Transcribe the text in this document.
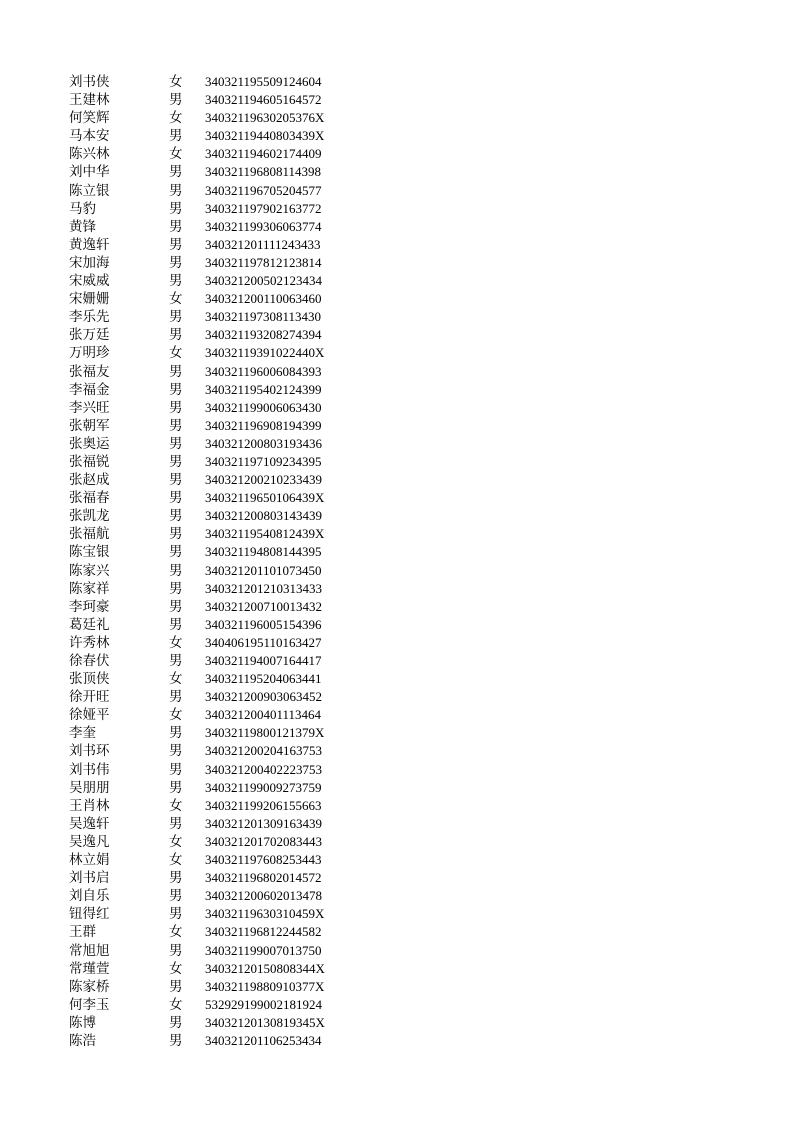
刘书侠	女	340321195509124604
王建林	男	340321194605164572
何笑辉	女	34032119630205376X
马本安	男	34032119440803439X
陈兴林	女	340321194602174409
刘中华	男	340321196808114398
陈立银	男	340321196705204577
马豹	男	340321197902163772
黄锋	男	340321199306063774
黄逸轩	男	340321201111243433
宋加海	男	340321197812123814
宋威威	男	340321200502123434
宋姗姗	女	340321200110063460
李乐先	男	340321197308113430
张万廷	男	340321193208274394
万明珍	女	34032119391022440X
张福友	男	340321196006084393
李福金	男	340321195402124399
李兴旺	男	340321199006063430
张朝军	男	340321196908194399
张奥运	男	340321200803193436
张福锐	男	340321197109234395
张赵成	男	340321200210233439
张福春	男	34032119650106439X
张凯龙	男	340321200803143439
张福航	男	34032119540812439X
陈宝银	男	340321194808144395
陈家兴	男	340321201101073450
陈家祥	男	340321201210313433
李珂豪	男	340321200710013432
葛廷礼	男	340321196005154396
许秀林	女	340406195110163427
徐春伏	男	340321194007164417
张顶侠	女	340321195204063441
徐开旺	男	340321200903063452
徐娅平	女	340321200401113464
李奎	男	34032119800121379X
刘书环	男	340321200204163753
刘书伟	男	340321200402223753
吴朋朋	男	340321199009273759
王肖林	女	340321199206155663
吴逸轩	男	340321201309163439
吴逸凡	女	340321201702083443
林立娟	女	340321197608253443
刘书启	男	340321196802014572
刘自乐	男	340321200602013478
钮得红	男	34032119630310459X
王群	女	340321196812244582
常旭旭	男	340321199007013750
常瑾萱	女	34032120150808344X
陈家桥	男	34032119880910377X
何李玉	女	532929199002181924
陈博	男	34032120130819345X
陈浩	男	340321201106253434
